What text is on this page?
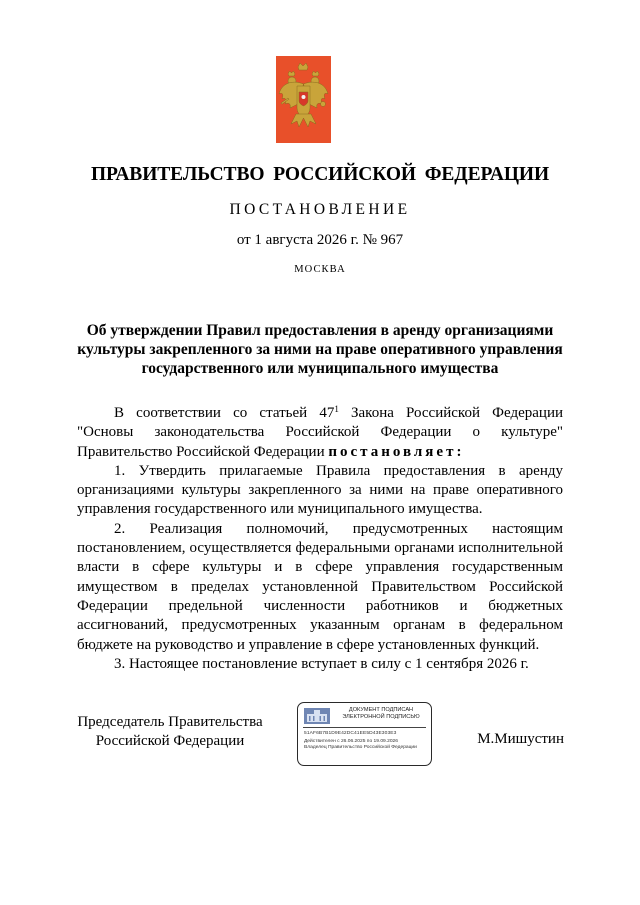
ПРАВИТЕЛЬСТВО РОССИЙСКОЙ ФЕДЕРАЦИИ
ПОСТАНОВЛЕНИЕ
от 1 августа 2026 г. № 967
МОСКВА
Об утверждении Правил предоставления в аренду организациями культуры закрепленного за ними на праве оперативного управления государственного или муниципального имущества

В соответствии со статьей $47^1$ Закона Российской Федерации "Основы законодательства Российской Федерации о культуре" Правительство Российской Федерации постановляет:

1. Утвердить прилагаемые Правила предоставления в аренду организациями культуры закрепленного за ними на праве оперативного управления государственного или муниципального имущества.

2. Реализация полномочий, предусмотренных настоящим постановлением, осуществляется федеральными органами исполнительной власти в сфере культуры и в сфере управления государственным имуществом в пределах установленной Правительством Российской Федерации предельной численности работников и бюджетных ассигнований, предусмотренных указанным органам в федеральном бюджете на руководство и управление в сфере установленных функций.

3. Настоящее постановление вступает в силу с 1 сентября 2026 г.

Председатель Правительства
Российской Федерации
ДОКУМЕНТ ПОДПИСАН
ЭЛЕКТРОННОЙ ПОДПИСЬЮ
51AF6B7B1D9E42DC41EE5D43E303E3
Действителен с 26.06.2025 по 19.09.2026
Владелец Правительство Российской Федерации
М.Мишустин
